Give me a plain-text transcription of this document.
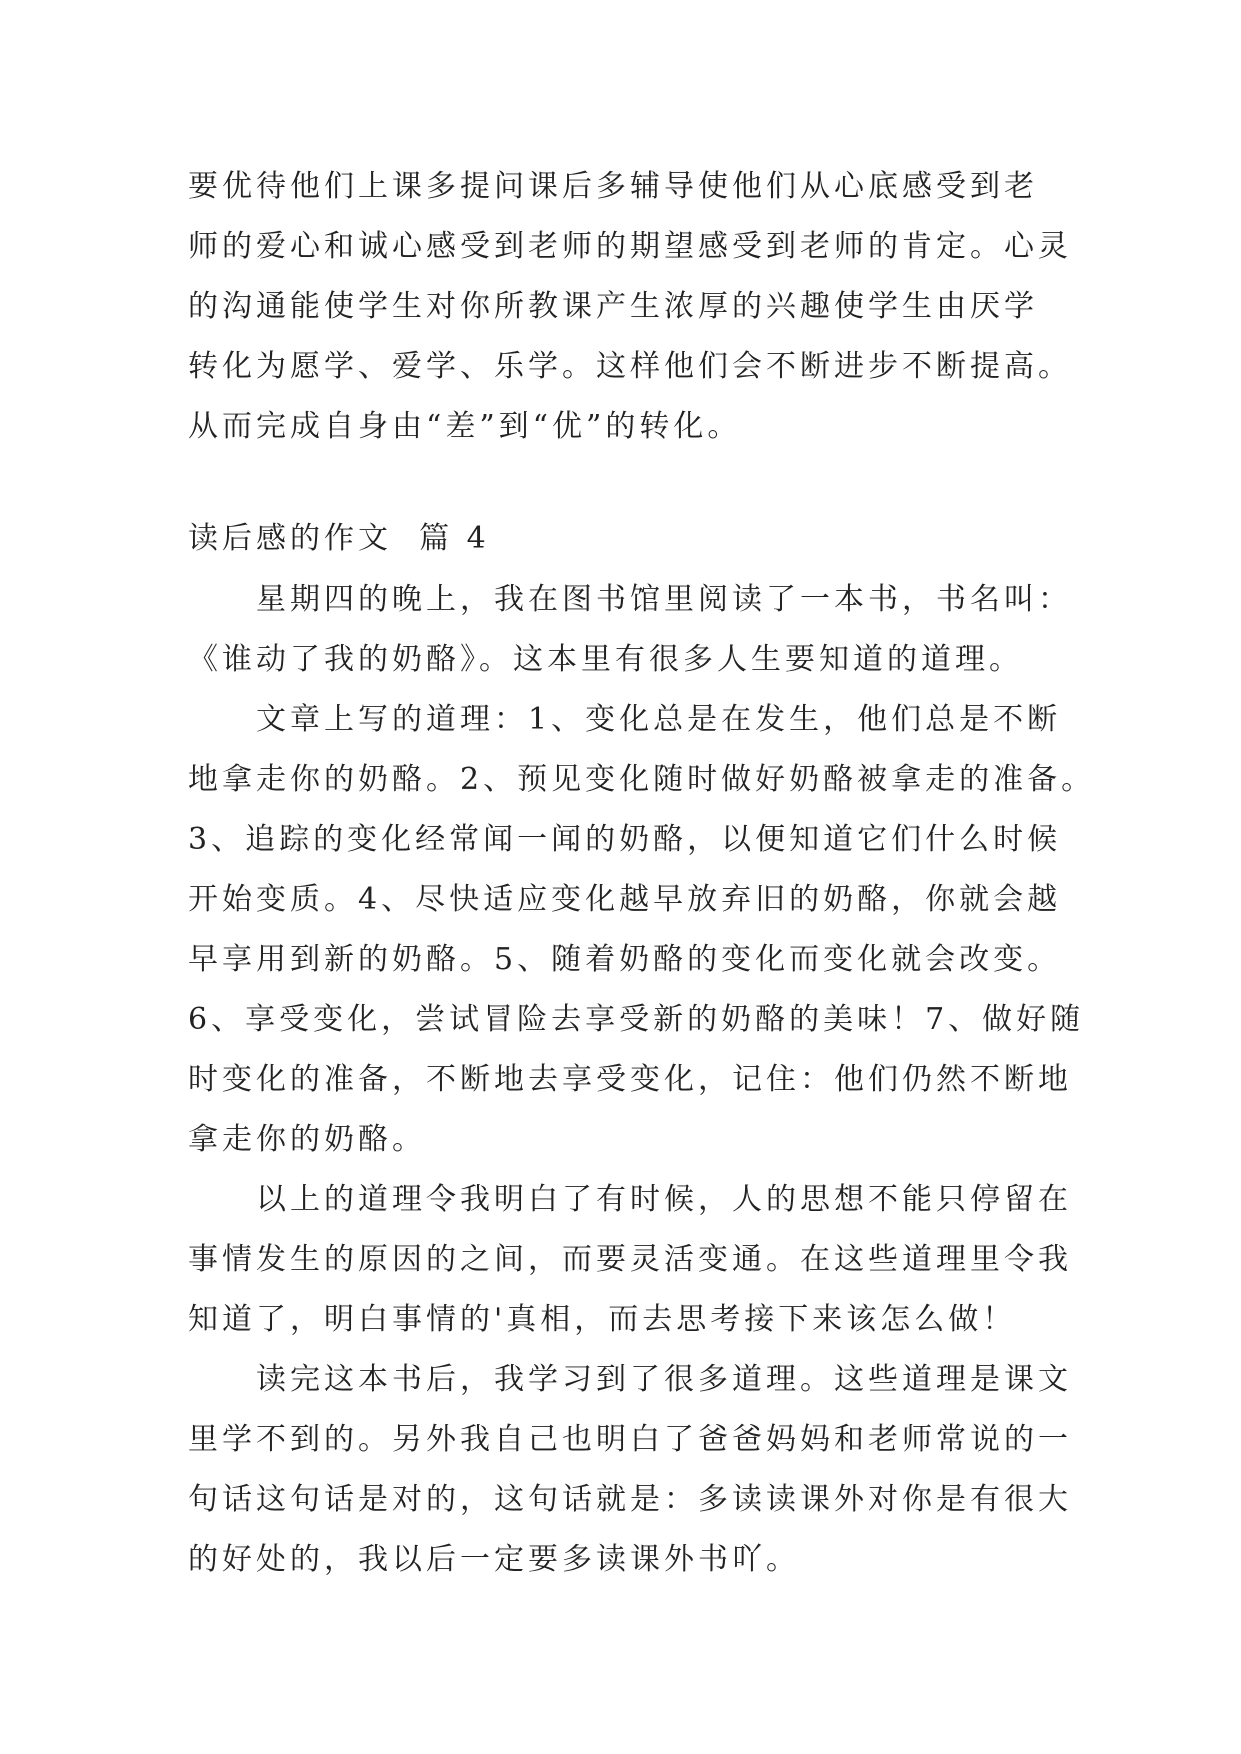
要优待他们上课多提问课后多辅导使他们从心底感受到老
师的爱心和诚心感受到老师的期望感受到老师的肯定。心灵
的沟通能使学生对你所教课产生浓厚的兴趣使学生由厌学
转化为愿学、爱学、乐学。这样他们会不断进步不断提高。
从而完成自身由“差”到“优”的转化。
读后感的作文  篇 4
星期四的晚上，我在图书馆里阅读了一本书，书名叫：
《谁动了我的奶酪》。这本里有很多人生要知道的道理。
文章上写的道理：1、变化总是在发生，他们总是不断
地拿走你的奶酪。2、预见变化随时做好奶酪被拿走的准备。
3、追踪的变化经常闻一闻的奶酪，以便知道它们什么时候
开始变质。4、尽快适应变化越早放弃旧的奶酪，你就会越
早享用到新的奶酪。5、随着奶酪的变化而变化就会改变。
6、享受变化，尝试冒险去享受新的奶酪的美味！7、做好随
时变化的准备，不断地去享受变化，记住：他们仍然不断地
拿走你的奶酪。
以上的道理令我明白了有时候，人的思想不能只停留在
事情发生的原因的之间，而要灵活变通。在这些道理里令我
知道了，明白事情的'真相，而去思考接下来该怎么做！
读完这本书后，我学习到了很多道理。这些道理是课文
里学不到的。另外我自己也明白了爸爸妈妈和老师常说的一
句话这句话是对的，这句话就是：多读读课外对你是有很大
的好处的，我以后一定要多读课外书吖。
